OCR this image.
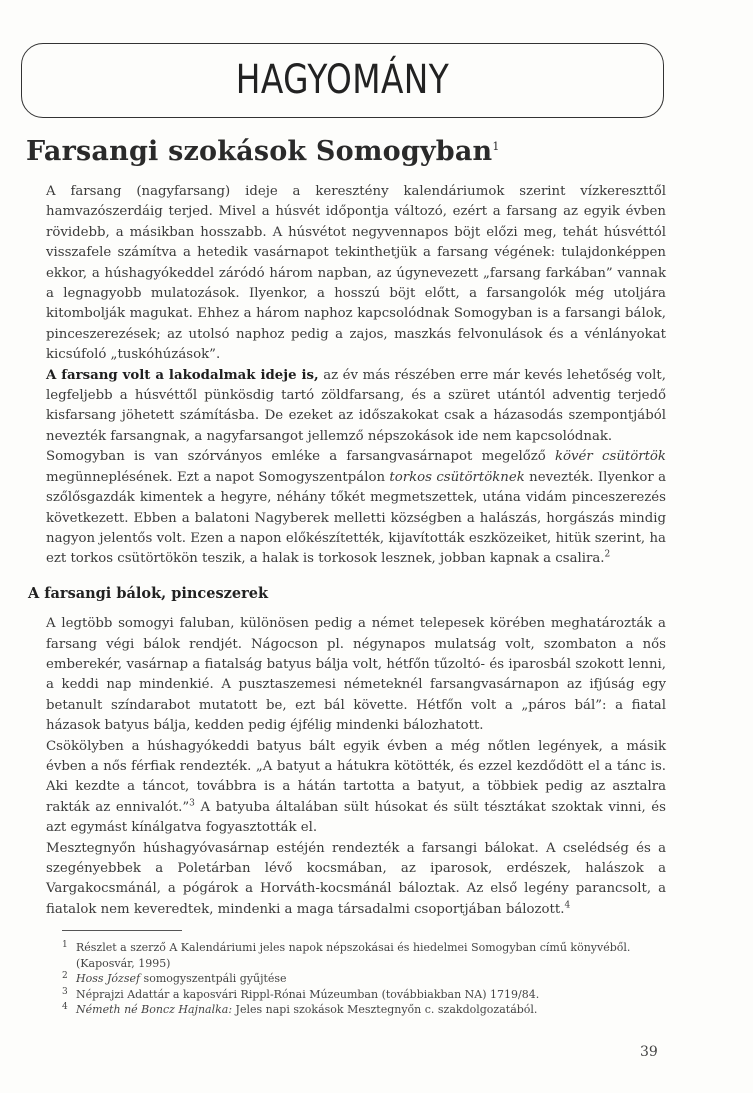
HAGYOMÁNY
Farsangi szokások Somogyban$^1$

A farsang (nagyfarsang) ideje a keresztény kalendáriumok szerint vízkereszttől hamvazószerdáig terjed. Mivel a húsvét időpontja változó, ezért a farsang az egyik évben rövidebb, a másikban hosszabb. A húsvétot negyvennapos böjt előzi meg, tehát húsvéttól visszafele számítva a hetedik vasárnapot tekinthetjük a farsang végének: tulajdonképpen ekkor, a húshagyókeddel záródó három napban, az úgynevezett „farsang farkában” vannak a legnagyobb mulatozások. Ilyenkor, a hosszú böjt előtt, a farsangolók még utoljára kitombolják magukat. Ehhez a három naphoz kapcsolódnak Somogyban is a farsangi bálok, pinceszerezések; az utolsó naphoz pedig a zajos, maszkás felvonulások és a vénlányokat kicsúfoló „tuskóhúzások”.

A farsang volt a lakodalmak ideje is, az év más részében erre már kevés lehetőség volt, legfeljebb a húsvéttől pünkösdig tartó zöldfarsang, és a szüret utántól adventig terjedő kisfarsang jöhetett számításba. De ezeket az időszakokat csak a házasodás szempontjából nevezték farsangnak, a nagyfarsangot jellemző népszokások ide nem kapcsolódnak.

Somogyban is van szórványos emléke a farsangvasárnapot megelőző kövér csütörtök megünneplésének. Ezt a napot Somogyszentpálon torkos csütörtöknek nevezték. Ilyenkor a szőlősgazdák kimentek a hegyre, néhány tőkét megmetszettek, utána vidám pinceszerezés következett. Ebben a balatoni Nagyberek melletti községben a halászás, horgászás mindig nagyon jelentős volt. Ezen a napon előkészítették, kijavították eszközeiket, hitük szerint, ha ezt torkos csütörtökön teszik, a halak is torkosok lesznek, jobban kapnak a csalira.$^2$

A farsangi bálok, pinceszerek

A legtöbb somogyi faluban, különösen pedig a német telepesek körében meghatározták a farsang végi bálok rendjét. Nágocson pl. négynapos mulatság volt, szombaton a nős emberekér, vasárnap a fiatalság batyus bálja volt, hétfőn tűzoltó- és iparosbál szokott lenni, a keddi nap mindenkié. A pusztaszemesi németeknél farsangvasárnapon az ifjúság egy betanult színdarabot mutatott be, ezt bál követte. Hétfőn volt a „páros bál”: a fiatal házasok batyus bálja, kedden pedig éjfélig mindenki bálozhatott.

Csökölyben a húshagyókeddi batyus bált egyik évben a még nőtlen legények, a másik évben a nős férfiak rendezték. „A batyut a hátukra kötötték, és ezzel kezdődött el a tánc is. Aki kezdte a táncot, továbbra is a hátán tartotta a batyut, a többiek pedig az asztalra rakták az ennivalót.”$^3$ A batyuba általában sült húsokat és sült tésztákat szoktak vinni, és azt egymást kínálgatva fogyasztották el.

Mesztegnyőn húshagyóvasárnap estéjén rendezték a farsangi bálokat. A cselédség és a szegényebbek a Poletárban lévő kocsmában, az iparosok, erdészek, halászok a Vargakocsmánál, a pógárok a Horváth-kocsmánál báloztak. Az első legény parancsolt, a fiatalok nem keveredtek, mindenki a maga társadalmi csoportjában bálozott.$^4$

1 Részlet a szerző A Kalendáriumi jeles napok népszokásai és hiedelmei Somogyban című könyvéből. (Kaposvár, 1995)
2 Hoss József somogyszentpáli gyűjtése
3 Néprajzi Adattár a kaposvári Rippl-Rónai Múzeumban (továbbiakban NA) 1719/84.
4 Németh né Boncz Hajnalka: Jeles napi szokások Mesztegnyőn c. szakdolgozatából.
39
